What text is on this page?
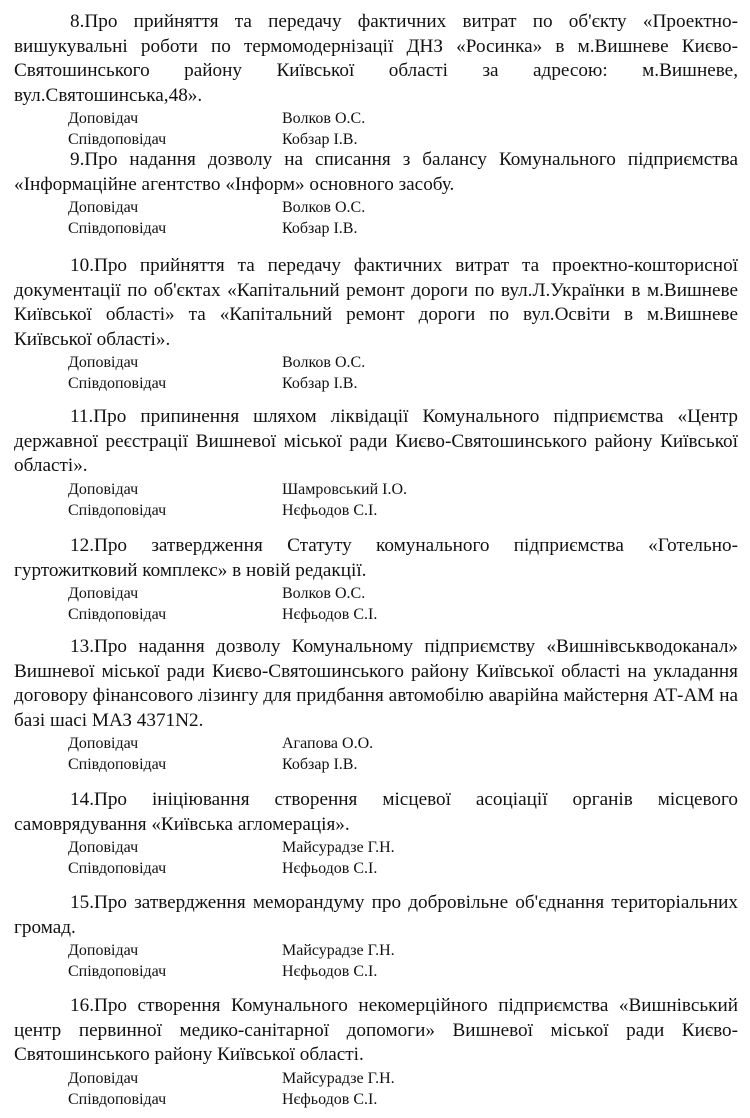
8.Про прийняття та передачу фактичних витрат по об'єкту «Проектно-вишукувальні роботи по термомодернізації ДНЗ «Росинка» в м.Вишневе Києво-Святошинського району Київської області за адресою: м.Вишневе, вул.Святошинська,48».

Доповідач	Волков О.С.
Співдоповідач	Кобзар І.В.

9.Про надання дозволу на списання з балансу Комунального підприємства «Інформаційне агентство «Інформ» основного засобу.

Доповідач	Волков О.С.
Співдоповідач	Кобзар І.В.

10.Про прийняття та передачу фактичних витрат та проектно-кошторисної документації по об'єктах «Капітальний ремонт дороги по вул.Л.Українки в м.Вишневе Київської області» та «Капітальний ремонт дороги по вул.Освіти в м.Вишневе Київської області».

Доповідач	Волков О.С.
Співдоповідач	Кобзар І.В.

11.Про припинення шляхом ліквідації Комунального підприємства «Центр державної реєстрації Вишневої міської ради Києво-Святошинського району Київської області».

Доповідач	Шамровський І.О.
Співдоповідач	Нєфьодов С.І.

12.Про затвердження Статуту комунального підприємства «Готельно-гуртожитковий комплекс» в новій редакції.

Доповідач	Волков О.С.
Співдоповідач	Нєфьодов С.І.

13.Про надання дозволу Комунальному підприємству «Вишнівськводоканал» Вишневої міської ради Києво-Святошинського району Київської області на укладання договору фінансового лізингу для придбання автомобілю аварійна майстерня АТ-АМ на базі шасі МАЗ 4371N2.

Доповідач	Агапова О.О.
Співдоповідач	Кобзар І.В.

14.Про ініціювання створення місцевої асоціації органів місцевого самоврядування «Київська агломерація».

Доповідач	Майсурадзе Г.Н.
Співдоповідач	Нєфьодов С.І.

15.Про затвердження меморандуму про добровільне об'єднання територіальних громад.

Доповідач	Майсурадзе Г.Н.
Співдоповідач	Нєфьодов С.І.

16.Про створення Комунального некомерційного підприємства «Вишнівський центр первинної медико-санітарної допомоги» Вишневої міської ради Києво-Святошинського району Київської області.

Доповідач	Майсурадзе Г.Н.
Співдоповідач	Нєфьодов С.І.
